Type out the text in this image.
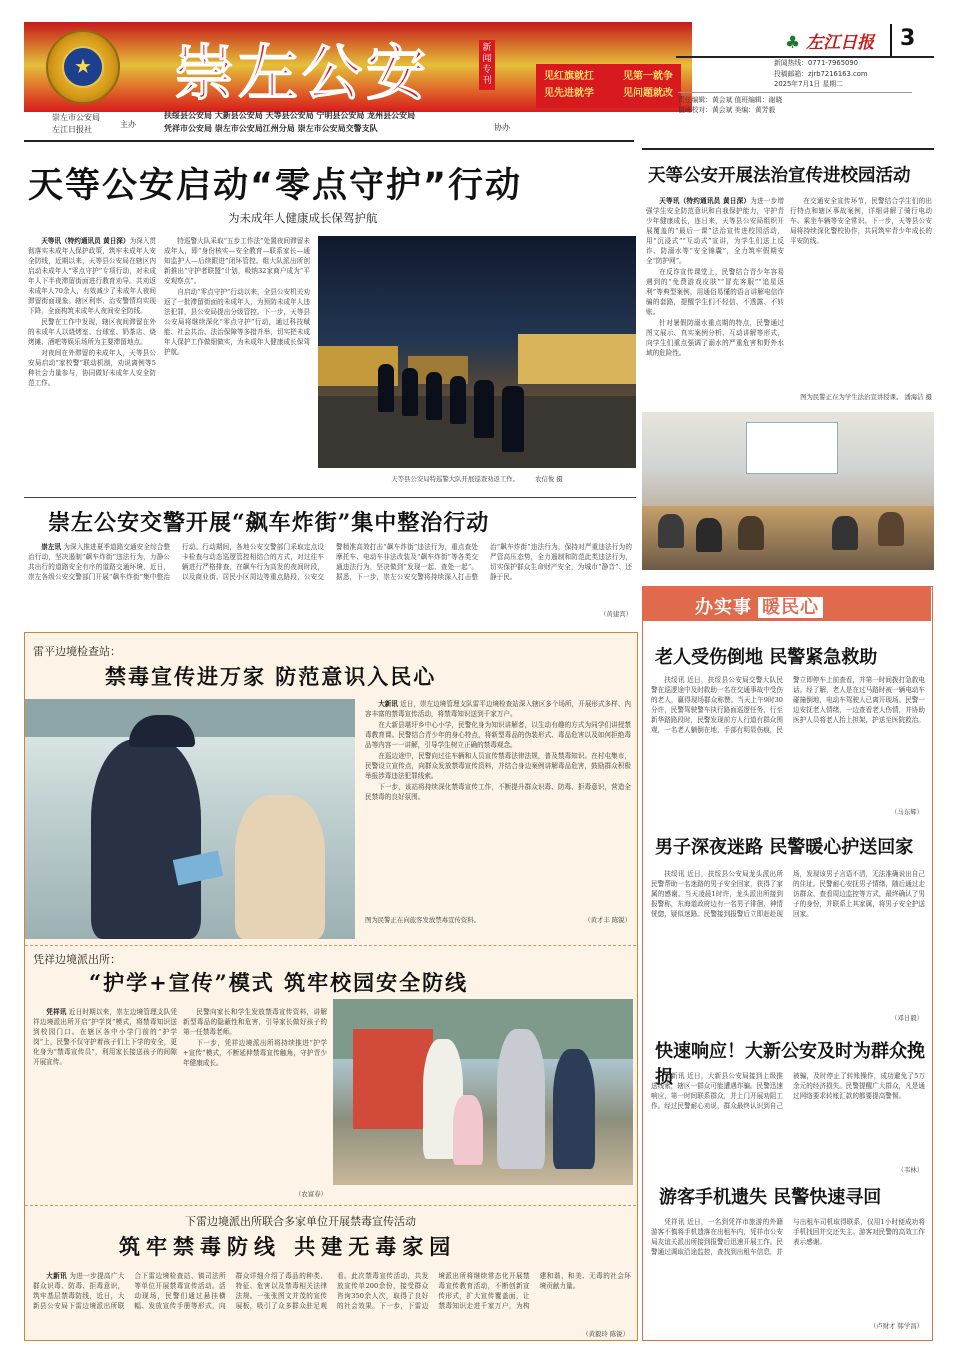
★ 崇左公安	新闻专刊	见红旗就扛	见第一就争
见先进就学	见问题就改
崇左市公安局
左江日报社
主办
扶绥县公安局 大新县公安局 天等县公安局 宁明县公安局 龙州县公安局
凭祥市公安局 崇左市公安局江州分局 崇左市公安局交警支队	协办
♣ 左江日报 3
新闻热线：0771-7965090
投稿邮箱：zjrb7216163.com
2025年7月1日 星期二
责任编辑：黄会斌 值班编辑：谢晓
值班校对：黄会斌 美编：黄芳毅
天等公安启动“零点守护”行动
为未成年人健康成长保驾护航

天等讯（特约通讯员 黄日深）为深入贯彻落实未成年人保护政策，筑牢未成年人安全防线，近期以来，天等县公安局在辖区内启动未成年人“零点守护”专项行动，对未成年人下半夜滞留街面进行教育劝导。共劝返未成年人70余人，有效减少了未成年人夜间滞留街面现象。辖区利率、治安警情均实现下降，全面构筑未成年人夜间安全防线。

民警在工作中发现，辖区夜间滞留在外的未成年人以烧烤室、台球室、奶茶店、烧烤摊、酒吧等娱乐场所为主要滞留地点。

对夜间在外滞留的未成年人，天等县公安局启动“家校警”联动机制，劝说离例等5种社会力量参与，协同做好未成年人安全防范工作。

特巡警大队采取“五步工作法”处置夜间滞留未成年人，即“身份核实—安全教育—联系家长—通知监护人—后续跟进”闭环管控。组大队派出所创新推出“守护者联盟”计划，吸纳32家商户成为“平安观察点”。

自启动“零点守护”行动以来，全县公安机关劝返了一批滞留街面的未成年人，为预防未成年人违法犯罪，县公安局提出分级管控。下一步，天等县公安局将继续深化“零点守护”行动，通过科技赋能、社会共治、法治保障等多措并举，切实把未成年人保护工作做细做实，为未成年人健康成长保驾护航。

天等县公安局特巡警大队开展巡查劝返工作。	农信俊 摄
崇左公安交警开展“飙车炸街”集中整治行动

崇左讯 为深入推进夏季道路交通安全综合整治行动，坚决遏制“飙车炸街”违法行为，力静公共出行的道路安全有序的道路交通环境，近日，崇左各级公安交警部门开展“飙车炸街”集中整治行动。行动期间，各地公安交警部门采取定点设卡检查与动态巡逻管控相结合的方式，对过往车辆进行严格排查，在飙车行为高发的夜间时段，以及商业街、居民小区周边等重点路段，公安交警精准高效打击“飙车炸街”违法行为，重点查处摩托车、电动车非法改装及“飙车炸街”等各类交通违法行为，坚决做到“发现一起、查处一起”。据悉，下一步，崇左公安交警将持续深入打击整治“飙车炸街”违法行为，保持对严重违法行为的严管高压态势，全力遏制和防范此类违法行为，切实保护群众生命财产安全，为城市“静音”、还静于民。

（黄建宾）
天等公安开展法治宣传进校园活动

天等讯（特约通讯员 黄日深）为进一步增强学生安全防范意识和自我保护能力，守护青少年健康成长，连日来，天等县公安局组织开展覆盖的“最后一课”法治宣传进校园活动，用“沉浸式”“互动式”宣讲，为学生们送上反诈、防溺水等“安全锦囊”，全力筑牢假期安全“防护网”。

在反诈宣传课堂上，民警结合青少年容易遇到的“免费游戏皮肤”“冒充客服”“追星返利”等典型案例，用通俗易懂的语言讲解电信诈骗的套路，提醒学生们不轻信、不透露、不转账。

针对暑假防溺水重点期的特点，民警通过图文展示、真实案例分析、互动讲解等形式，向学生们重点强调了溺水的严重危害和野外水域的危险性。

在交通安全宣传环节，民警结合学生们的出行特点和辖区事故案例，详细讲解了骑行电动车、乘坐车辆等安全常识。下一步，天等县公安局将持续深化警校协作，共同筑牢青少年成长的平安防线。

图为民警正在为学生法治宣讲授课。 潘海洁 摄
办实事 暖民心
老人受伤倒地 民警紧急救助

扶绥讯 近日，扶绥县公安局交警大队民警在巡逻途中及时救助一名在交通事故中受伤的老人，赢得现场群众称赞。当天上午9时30分许，民警驾驶警车执行路面巡逻任务，行至新华路路段时，民警发现前方人行道有群众围观，一名老人躺倒在地，手部有明显伤痕，民警立即停车上前查看，并第一时间拨打急救电话。经了解，老人是在过马路时被一辆电动车碰撞倒地，电动车驾驶人已离开现场。民警一边安抚老人情绪，一边查看老人伤情，并协助医护人员将老人抬上担架，护送至医院救治。

（马东辉）
男子深夜迷路 民警暖心护送回家

扶绥讯 近日，扶绥县公安局龙头派出所民警帮助一名迷路的男子安全回家，获得了家属的感谢。当天凌晨1时许，龙头派出所接到报警称，东海道政府边有一名男子徘徊，神情恍惚，疑似迷路。民警接到报警后立即赶赴现场，发现该男子言语不清，无法准确说出自己的住址。民警耐心安抚男子情绪，随后通过走访群众、查看周边监控等方式，最终确认了男子的身份，并联系上其家属，将男子安全护送回家。

（邓日毅）
快速响应！大新公安及时为群众挽损

大新讯 近日，大新县公安局接到上级推送线索，辖区一群众可能遭遇诈骗。民警迅速响应，第一时间联系群众，并上门开展劝阻工作。经过民警耐心劝说，群众最终认识到自己被骗，及时停止了转账操作，成功避免了5万余元的经济损失。民警提醒广大群众，凡是通过网络要求转账汇款的都要提高警惕。

（韦林）
游客手机遗失 民警快速寻回

凭祥讯 近日，一名到凭祥市旅游的外籍游客不慎将手机遗落在出租车内，凭祥市公安局友谊关派出所接到报警后迅速开展工作。民警通过调取沿途监控，查找到出租车信息，并与出租车司机取得联系，仅用1小时便成功将手机找回并交还失主。游客对民警的高效工作表示感谢。

（卢财才 韩学昌）
雷平边境检查站：
禁毒宣传进万家 防范意识入民心

大新讯 近日，崇左边境管理支队雷平边境检查站深入辖区多个场所，开展形式多样、内容丰富的禁毒宣传活动，将禁毒知识送到千家万户。

在大新县堪圩乡中心小学，民警化身为知识讲解者，以生动有趣的方式为同学们讲授禁毒教育课。民警结合青少年的身心特点，将新型毒品的伪装形式、毒品危害以及如何拒绝毒品等内容一一讲解，引导学生树立正确的禁毒观念。

在巡边途中，民警向过往车辆和人员宣传禁毒法律法规，普及禁毒知识。在村屯集市，民警设立宣传点，向群众发放禁毒宣传资料，并结合身边案例讲解毒品危害，鼓励群众积极举报涉毒违法犯罪线索。

下一步，该站将持续深化禁毒宣传工作，不断提升群众识毒、防毒、拒毒意识，营造全民禁毒的良好氛围。

图为民警正在向旅客发放禁毒宣传资料。	（黄才丰 陈锐）
凭祥边境派出所：
“护学+宣传”模式 筑牢校园安全防线

凭祥讯 近日时期以来，崇左边境管理支队凭祥边境派出所开启“护学岗”模式，将禁毒知识送到校园门口。在辖区各中小学门前的“护学岗”上，民警不仅守护着孩子们上下学的安全，更化身为“禁毒宣传员”，利用家长接送孩子的间隙开展宣传。

民警向家长和学生发放禁毒宣传资料，讲解新型毒品的隐蔽性和危害，引导家长做好孩子的第一任禁毒老师。

下一步，凭祥边境派出所将持续推进“护学+宣传”模式，不断延伸禁毒宣传触角，守护青少年健康成长。

（农富春）
下雷边境派出所联合多家单位开展禁毒宣传活动
筑牢禁毒防线 共建无毒家园

大新讯 为进一步提高广大群众识毒、防毒、拒毒意识，筑牢基层禁毒防线，近日，大新县公安局下雷边境派出所联合下雷边境检查站、镇司法所等单位开展禁毒宣传活动。活动现场，民警们通过悬挂横幅、发放宣传手册等形式，向群众详细介绍了毒品的种类、特征、危害以及禁毒相关法律法规。一张张图文并茂的宣传展板，吸引了众多群众驻足观看。此次禁毒宣传活动，共发放宣传单200余份，接受群众咨询350余人次，取得了良好的社会效果。下一步，下雷边境派出所将继续常态化开展禁毒宣传教育活动，不断创新宣传形式，扩大宣传覆盖面，让禁毒知识走进千家万户，为构建和谐、和美、无毒的社会环境贡献力量。

（黄毅玲 陈锐）
